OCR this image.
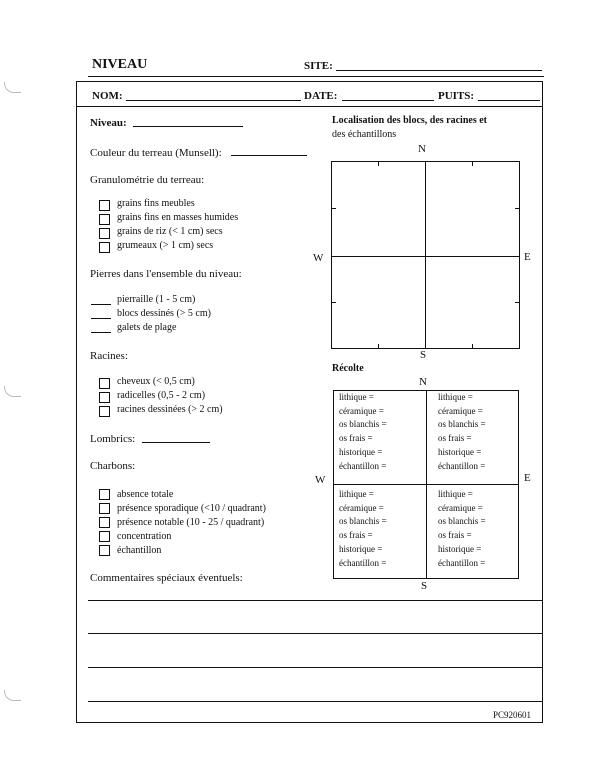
NIVEAU	SITE:
NOM:	DATE:	PUITS:
Niveau:
Couleur du terreau (Munsell):
Granulométrie du terreau:
grains fins meubles
grains fins en masses humides
grains de riz (< 1 cm) secs
grumeaux (> 1 cm) secs
Pierres dans l'ensemble du niveau:
pierraille (1 - 5 cm)
blocs dessinés (> 5 cm)
galets de plage
Racines:
cheveux (< 0,5 cm)
radicelles (0,5 - 2 cm)
racines dessinées (> 2 cm)
Lombrics:
Charbons:
absence totale
présence sporadique (<10 / quadrant)
présence notable (10 - 25 / quadrant)
concentration
échantillon
Commentaires spéciaux éventuels:
PC920601
Localisation des blocs, des racines et
des échantillons
N
S
W	E
Récolte
N
S
W	E
lithique =
céramique =
os blanchis =
os frais =
historique =
échantillon =
lithique =
céramique =
os blanchis =
os frais =
historique =
échantillon =
lithique =
céramique =
os blanchis =
os frais =
historique =
échantillon =
lithique =
céramique =
os blanchis =
os frais =
historique =
échantillon =
